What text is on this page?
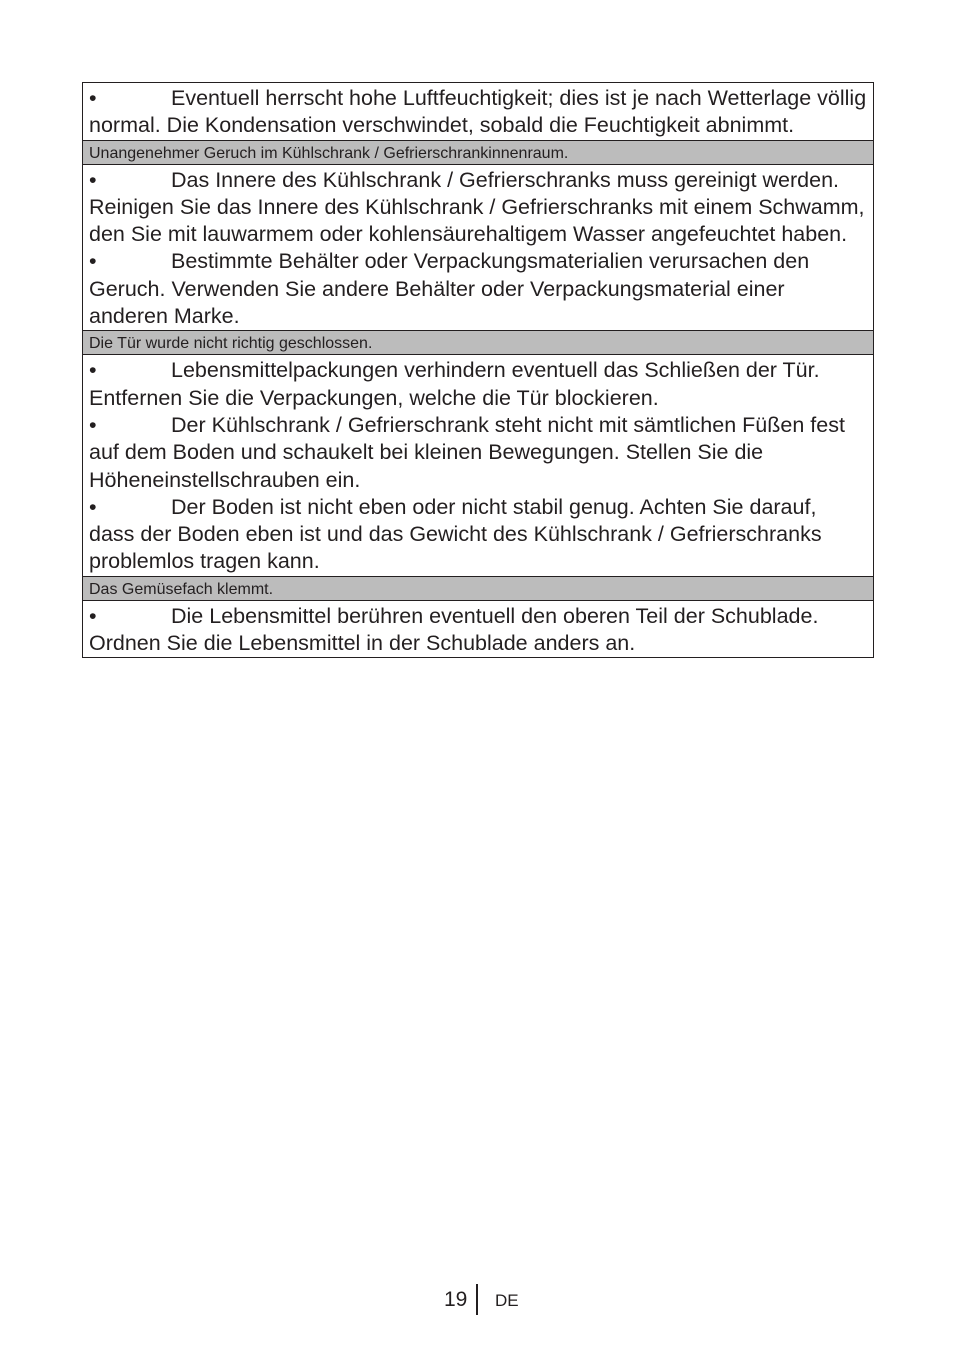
•	Eventuell herrscht hohe Luftfeuchtigkeit; dies ist je nach Wetterlage völlig normal. Die Kondensation verschwindet, sobald die Feuchtigkeit abnimmt.
Unangenehmer Geruch im Kühlschrank / Gefrierschrankinnenraum.
•	Das Innere des Kühlschrank / Gefrierschranks muss gereinigt werden. Reinigen Sie das Innere des Kühlschrank / Gefrierschranks mit einem Schwamm, den Sie mit lauwarmem oder kohlensäurehaltigem Wasser angefeuchtet haben.
•	Bestimmte Behälter oder Verpackungsmaterialien verursachen den Geruch. Verwenden Sie andere Behälter oder Verpackungsmaterial einer anderen Marke.
Die Tür wurde nicht richtig geschlossen.
•	Lebensmittelpackungen verhindern eventuell das Schließen der Tür. Entfernen Sie die Verpackungen, welche die Tür blockieren.
•	Der Kühlschrank / Gefrierschrank steht nicht mit sämtlichen Füßen fest auf dem Boden und schaukelt bei kleinen Bewegungen. Stellen Sie die Höheneinstellschrauben ein.
•	Der Boden ist nicht eben oder nicht stabil genug. Achten Sie darauf, dass der Boden eben ist und das Gewicht des Kühlschrank / Gefrierschranks problemlos tragen kann.
Das Gemüsefach klemmt.
•	Die Lebensmittel berühren eventuell den oberen Teil der Schublade. Ordnen Sie die Lebensmittel in der Schublade anders an.
19 DE
